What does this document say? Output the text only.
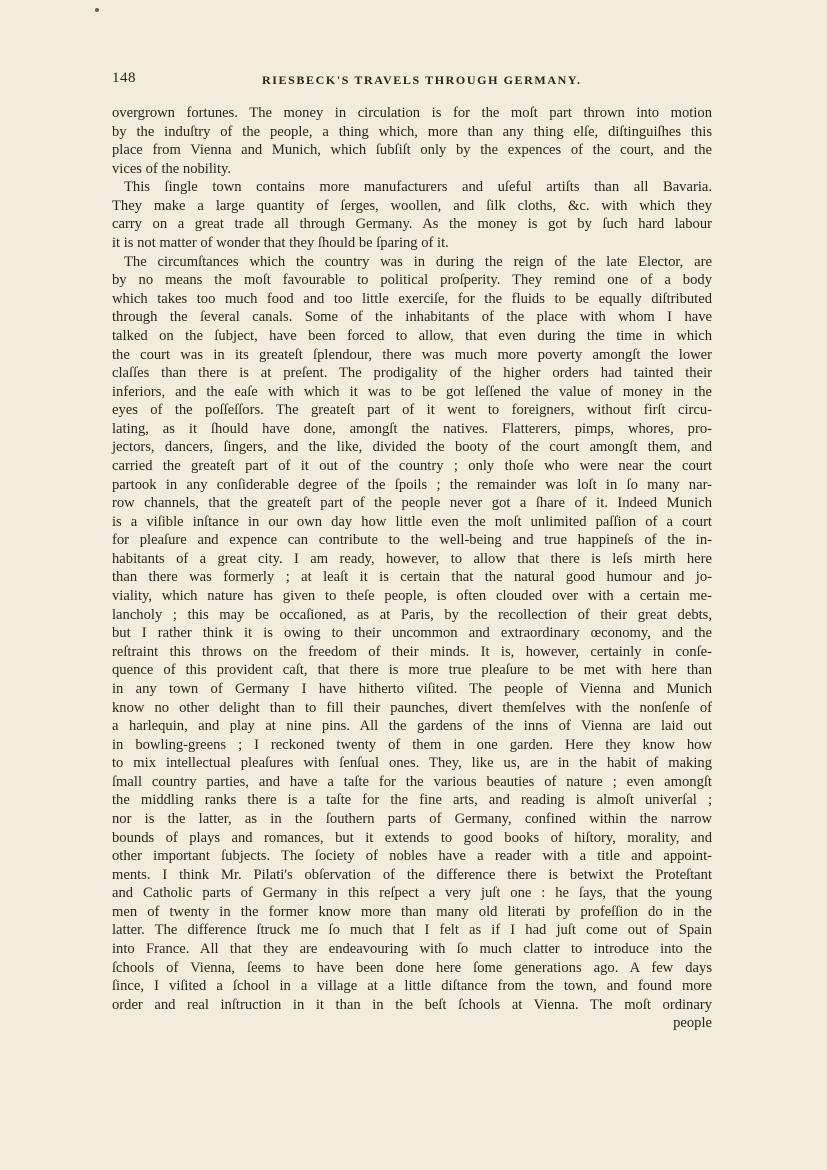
148	RIESBECK'S TRAVELS THROUGH GERMANY.
overgrown fortunes. The money in circulation is for the moſt part thrown into motion
by the induſtry of the people, a thing which, more than any thing elſe, diſtinguiſhes this
place from Vienna and Munich, which ſubſiſt only by the expences of the court, and the
vices of the nobility.
This ſingle town contains more manufacturers and uſeful artiſts than all Bavaria.
They make a large quantity of ſerges, woollen, and ſilk cloths, &c. with which they
carry on a great trade all through Germany. As the money is got by ſuch hard labour
it is not matter of wonder that they ſhould be ſparing of it.
The circumſtances which the country was in during the reign of the late Elector, are
by no means the moſt favourable to political proſperity. They remind one of a body
which takes too much food and too little exerciſe, for the fluids to be equally diſtributed
through the ſeveral canals. Some of the inhabitants of the place with whom I have
talked on the ſubject, have been forced to allow, that even during the time in which
the court was in its greateſt ſplendour, there was much more poverty amongſt the lower
claſſes than there is at preſent. The prodigality of the higher orders had tainted their
inferiors, and the eaſe with which it was to be got leſſened the value of money in the
eyes of the poſſeſſors. The greateſt part of it went to foreigners, without firſt circu-
lating, as it ſhould have done, amongſt the natives. Flatterers, pimps, whores, pro-
jectors, dancers, ſingers, and the like, divided the booty of the court amongſt them, and
carried the greateſt part of it out of the country ; only thoſe who were near the court
partook in any conſiderable degree of the ſpoils ; the remainder was loſt in ſo many nar-
row channels, that the greateſt part of the people never got a ſhare of it. Indeed Munich
is a viſible inſtance in our own day how little even the moſt unlimited paſſion of a court
for pleaſure and expence can contribute to the well-being and true happineſs of the in-
habitants of a great city. I am ready, however, to allow that there is leſs mirth here
than there was formerly ; at leaſt it is certain that the natural good humour and jo-
viality, which nature has given to theſe people, is often clouded over with a certain me-
lancholy ; this may be occaſioned, as at Paris, by the recollection of their great debts,
but I rather think it is owing to their uncommon and extraordinary œconomy, and the
reſtraint this throws on the freedom of their minds. It is, however, certainly in conſe-
quence of this provident caſt, that there is more true pleaſure to be met with here than
in any town of Germany I have hitherto viſited. The people of Vienna and Munich
know no other delight than to fill their paunches, divert themſelves with the nonſenſe of
a harlequin, and play at nine pins. All the gardens of the inns of Vienna are laid out
in bowling-greens ; I reckoned twenty of them in one garden. Here they know how
to mix intellectual pleaſures with ſenſual ones. They, like us, are in the habit of making
ſmall country parties, and have a taſte for the various beauties of nature ; even amongſt
the middling ranks there is a taſte for the fine arts, and reading is almoſt univerſal ;
nor is the latter, as in the ſouthern parts of Germany, confined within the narrow
bounds of plays and romances, but it extends to good books of hiſtory, morality, and
other important ſubjects. The ſociety of nobles have a reader with a title and appoint-
ments. I think Mr. Pilati's obſervation of the difference there is betwixt the Proteſtant
and Catholic parts of Germany in this reſpect a very juſt one : he ſays, that the young
men of twenty in the former know more than many old literati by profeſſion do in the
latter. The difference ſtruck me ſo much that I felt as if I had juſt come out of Spain
into France. All that they are endeavouring with ſo much clatter to introduce into the
ſchools of Vienna, ſeems to have been done here ſome generations ago. A few days
ſince, I viſited a ſchool in a village at a little diſtance from the town, and found more
order and real inſtruction in it than in the beſt ſchools at Vienna. The moſt ordinary
people
